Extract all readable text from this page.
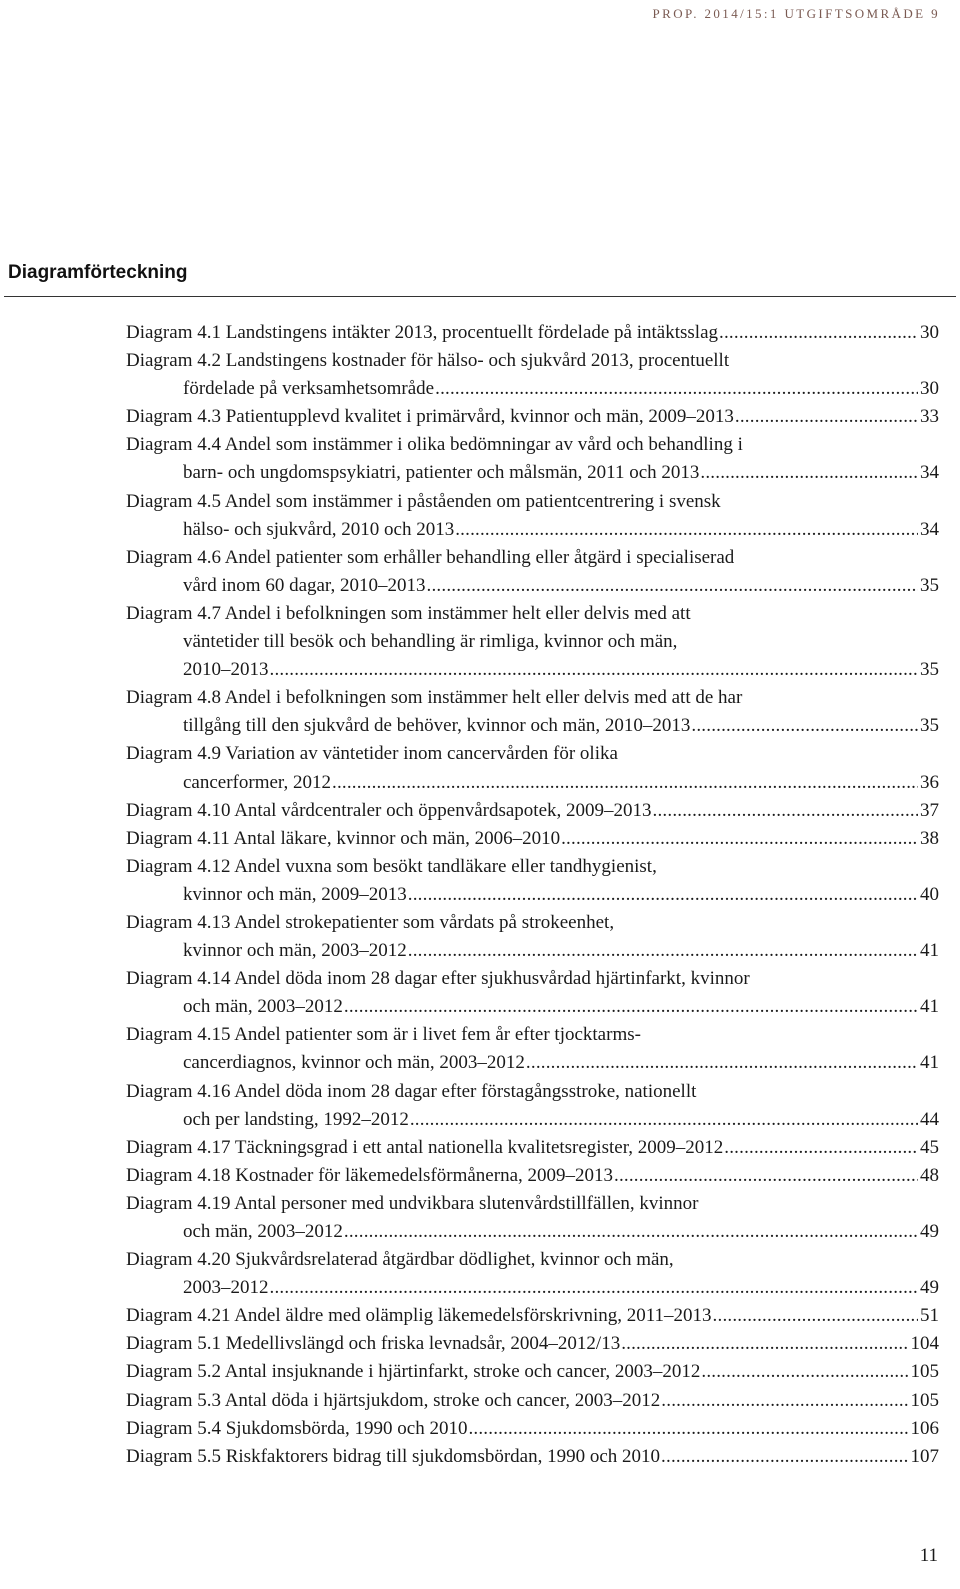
PROP. 2014/15:1 UTGIFTSOMRÅDE 9
Diagramförteckning
Diagram 4.1 Landstingens intäkter 2013, procentuellt fördelade på intäktsslag .....	30
Diagram 4.2 Landstingens kostnader för hälso- och sjukvård 2013, procentuellt
fördelade på verksamhetsområde .....	30
Diagram 4.3 Patientupplevd kvalitet i primärvård, kvinnor och män, 2009–2013 .....	33
Diagram 4.4 Andel som instämmer i olika bedömningar av vård och behandling i
barn- och ungdomspsykiatri, patienter och målsmän, 2011 och 2013 .....	34
Diagram 4.5 Andel som instämmer i påståenden om patientcentrering i svensk
hälso- och sjukvård, 2010 och 2013 .....	34
Diagram 4.6 Andel patienter som erhåller behandling eller åtgärd i specialiserad
vård inom 60 dagar, 2010–2013 .....	35
Diagram 4.7 Andel i befolkningen som instämmer helt eller delvis med att
väntetider till besök och behandling är rimliga, kvinnor och män,
2010–2013 .....	35
Diagram 4.8 Andel i befolkningen som instämmer helt eller delvis med att de har
tillgång till den sjukvård de behöver, kvinnor och män, 2010–2013 .....	35
Diagram 4.9 Variation av väntetider inom cancervården för olika
cancerformer, 2012 .....	36
Diagram 4.10 Antal vårdcentraler och öppenvårdsapotek, 2009–2013 .....	37
Diagram 4.11 Antal läkare, kvinnor och män, 2006–2010 .....	38
Diagram 4.12 Andel vuxna som besökt tandläkare eller tandhygienist,
kvinnor och män, 2009–2013 .....	40
Diagram 4.13 Andel strokepatienter som vårdats på strokeenhet,
kvinnor och män, 2003–2012 .....	41
Diagram 4.14 Andel döda inom 28 dagar efter sjukhusvårdad hjärtinfarkt, kvinnor
och män, 2003–2012 .....	41
Diagram 4.15 Andel patienter som är i livet fem år efter tjocktarms-
cancerdiagnos, kvinnor och män, 2003–2012 .....	41
Diagram 4.16 Andel döda inom 28 dagar efter förstagångsstroke, nationellt
och per landsting, 1992–2012 .....	44
Diagram 4.17 Täckningsgrad i ett antal nationella kvalitetsregister, 2009–2012 .....	45
Diagram 4.18 Kostnader för läkemedelsförmånerna, 2009–2013 .....	48
Diagram 4.19 Antal personer med undvikbara slutenvårdstillfällen, kvinnor
och män, 2003–2012 .....	49
Diagram 4.20 Sjukvårdsrelaterad åtgärdbar dödlighet, kvinnor och män,
2003–2012 .....	49
Diagram 4.21 Andel äldre med olämplig läkemedelsförskrivning, 2011–2013 .....	51
Diagram 5.1 Medellivslängd och friska levnadsår, 2004–2012/13 .....	104
Diagram 5.2 Antal insjuknande i hjärtinfarkt, stroke och cancer, 2003–2012 .....	105
Diagram 5.3 Antal döda i hjärtsjukdom, stroke och cancer, 2003–2012 .....	105
Diagram 5.4 Sjukdomsbörda, 1990 och 2010 .....	106
Diagram 5.5 Riskfaktorers bidrag till sjukdomsbördan, 1990 och 2010 .....	107
11
